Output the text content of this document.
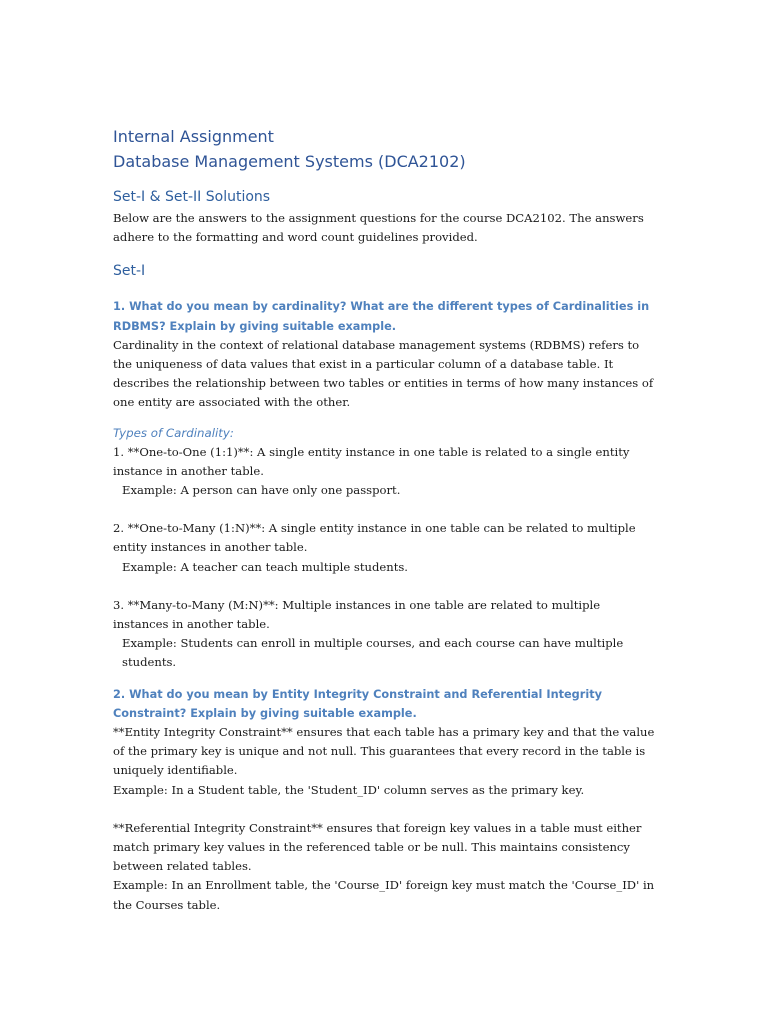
Internal Assignment
Database Management Systems (DCA2102)
Set-I & Set-II Solutions

Below are the answers to the assignment questions for the course DCA2102. The answers adhere to the formatting and word count guidelines provided.

Set-I

1. What do you mean by cardinality? What are the different types of Cardinalities in RDBMS? Explain by giving suitable example.

Cardinality in the context of relational database management systems (RDBMS) refers to the uniqueness of data values that exist in a particular column of a database table. It describes the relationship between two tables or entities in terms of how many instances of one entity are associated with the other.

Types of Cardinality:

1. **One-to-One (1:1)**: A single entity instance in one table is related to a single entity instance in another table.

Example: A person can have only one passport.

2. **One-to-Many (1:N)**: A single entity instance in one table can be related to multiple entity instances in another table.

Example: A teacher can teach multiple students.

3. **Many-to-Many (M:N)**: Multiple instances in one table are related to multiple instances in another table.

Example: Students can enroll in multiple courses, and each course can have multiple students.

2. What do you mean by Entity Integrity Constraint and Referential Integrity Constraint? Explain by giving suitable example.

**Entity Integrity Constraint** ensures that each table has a primary key and that the value of the primary key is unique and not null. This guarantees that every record in the table is uniquely identifiable.

Example: In a Student table, the 'Student_ID' column serves as the primary key.

**Referential Integrity Constraint** ensures that foreign key values in a table must either match primary key values in the referenced table or be null. This maintains consistency between related tables.

Example: In an Enrollment table, the 'Course_ID' foreign key must match the 'Course_ID' in the Courses table.
